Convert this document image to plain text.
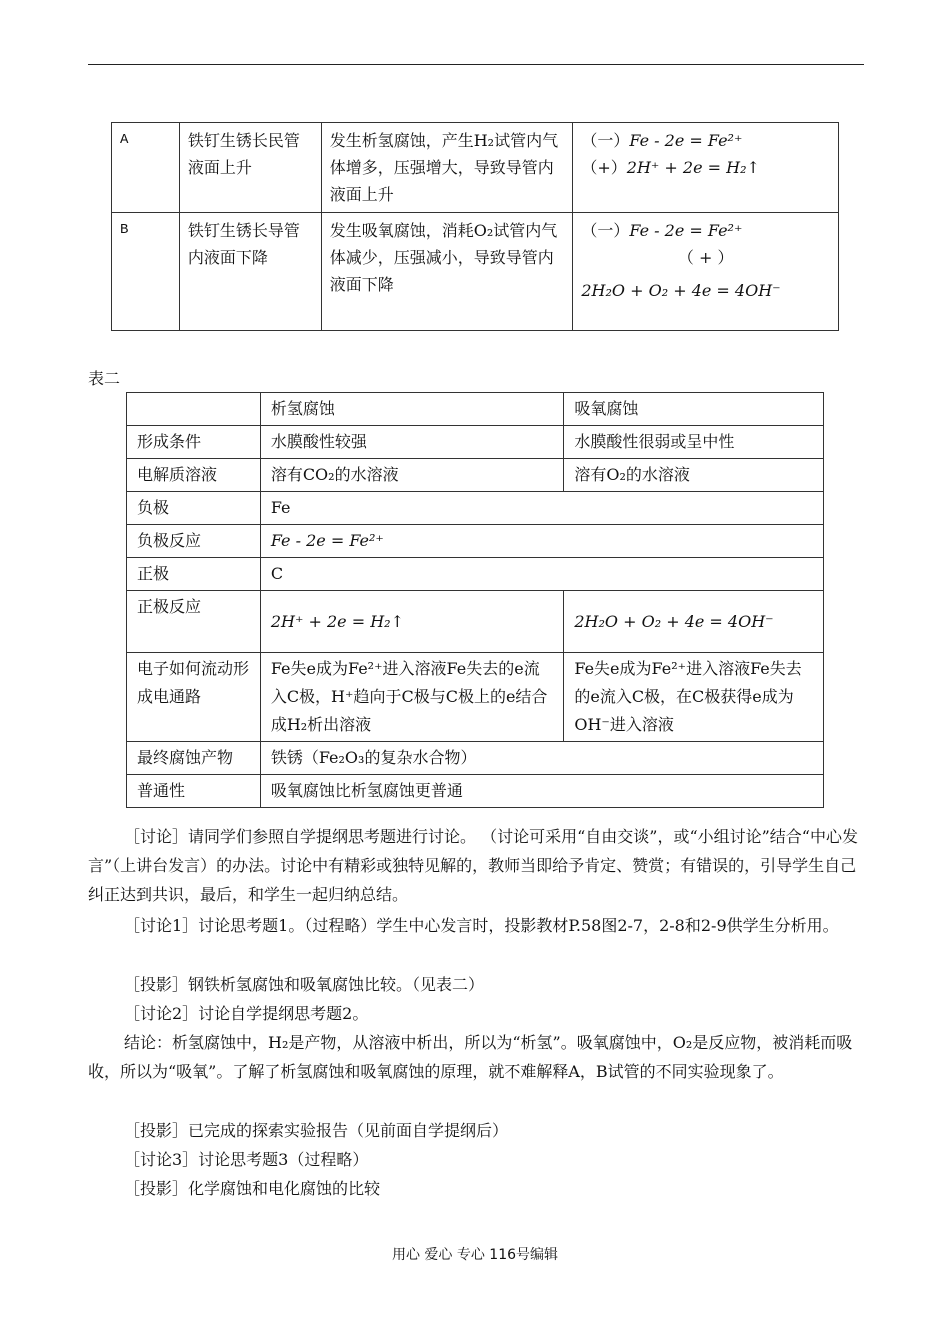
A	铁钉生锈长民管液面上升	发生析氢腐蚀，产生H₂试管内气体增多，压强增大，导致导管内液面上升	（一）Fe - 2e = Fe²⁺
（+）2H⁺ + 2e = H₂↑

B	铁钉生锈长导管内液面下降	发生吸氧腐蚀，消耗O₂试管内气体减少，压强减小，导致导管内液面下降	（一）Fe - 2e = Fe²⁺
（ + ）
2H₂O + O₂ + 4e = 4OH⁻
表二
	析氢腐蚀	吸氧腐蚀
形成条件	水膜酸性较强	水膜酸性很弱或呈中性
电解质溶液	溶有CO₂的水溶液	溶有O₂的水溶液
负极	Fe	
负极反应	Fe - 2e = Fe²⁺	
正极	C	
正极反应	2H⁺ + 2e = H₂↑	2H₂O + O₂ + 4e = 4OH⁻
电子如何流动形成电通路	Fe失e成为Fe²⁺进入溶液Fe失去的e流入C极，H⁺趋向于C极与C极上的e结合成H₂析出溶液	Fe失e成为Fe²⁺进入溶液Fe失去的e流入C极，在C极获得e成为OH⁻进入溶液
最终腐蚀产物	铁锈（Fe₂O₃的复杂水合物）	
普通性	吸氧腐蚀比析氢腐蚀更普通	
［讨论］请同学们参照自学提纲思考题进行讨论。 （讨论可采用“自由交谈”，或“小组讨论”结合“中心发言”（上讲台发言）的办法。讨论中有精彩或独特见解的，教师当即给予肯定、赞赏；有错误的，引导学生自己纠正达到共识，最后，和学生一起归纳总结。
［讨论1］讨论思考题1。（过程略）学生中心发言时，投影教材P.58图2-7，2-8和2-9供学生分析用。
［投影］钢铁析氢腐蚀和吸氧腐蚀比较。（见表二）
［讨论2］讨论自学提纲思考题2。
结论：析氢腐蚀中，H₂是产物，从溶液中析出，所以为“析氢”。吸氧腐蚀中，O₂是反应物，被消耗而吸收，所以为“吸氧”。了解了析氢腐蚀和吸氧腐蚀的原理，就不难解释A，B试管的不同实验现象了。
［投影］已完成的探索实验报告（见前面自学提纲后）
［讨论3］讨论思考题3（过程略）
［投影］化学腐蚀和电化腐蚀的比较
用心 爱心 专心 116号编辑
